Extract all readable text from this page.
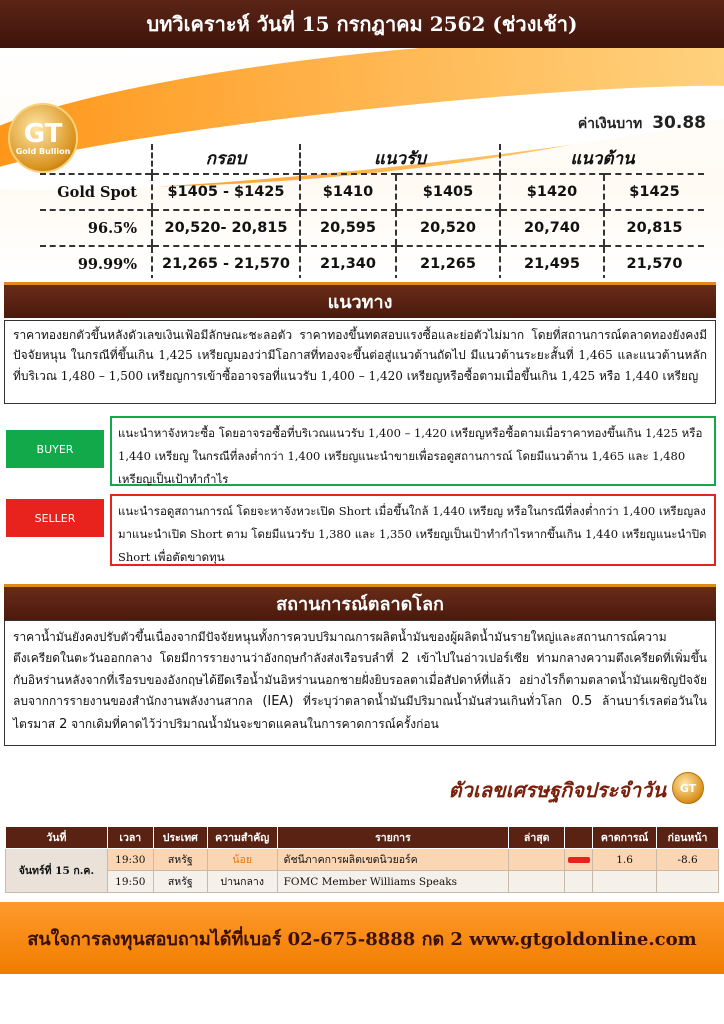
บทวิเคราะห์ วันที่ 15 กรกฎาคม 2562 (ช่วงเช้า)
GT
Gold Bullion
ค่าเงินบาท 30.88
	กรอบ	แนวรับ		แนวต้าน	
Gold Spot	$1405 - $1425	$1410	$1405	$1420	$1425
96.5%	20,520- 20,815	20,595	20,520	20,740	20,815
99.99%	21,265 - 21,570	21,340	21,265	21,495	21,570
แนวทาง
ราคาทองยกตัวขึ้นหลังดัวเลขเงินเฟ้อมีลักษณะชะลอตัว ราคาทองขึ้นทดสอบแรงซื้อและย่อตัวไม่มาก โดยที่สถานการณ์ตลาดทองยังคงมีปัจจัยหนุน ในกรณีที่ขึ้นเกิน 1,425 เหรียญมองว่ามีโอกาสที่ทองจะขึ้นต่อสู่แนวต้านถัดไป มีแนวต้านระยะสั้นที่ 1,465 และแนวต้านหลักที่บริเวณ 1,480 – 1,500 เหรียญการเข้าซื้ออาจรอที่แนวรับ 1,400 – 1,420 เหรียญหรือซื้อตามเมื่อขึ้นเกิน 1,425 หรือ 1,440 เหรียญ
BUYER
แนะนำหาจังหวะซื้อ โดยอาจรอซื้อที่บริเวณแนวรับ 1,400 – 1,420 เหรียญหรือซื้อตามเมื่อราคาทองขึ้นเกิน 1,425 หรือ 1,440 เหรียญ ในกรณีที่ลงต่ำกว่า 1,400 เหรียญแนะนำขายเพื่อรอดูสถานการณ์ โดยมีแนวต้าน 1,465 และ 1,480 เหรียญเป็นเป้าทำกำไร
SELLER	แนะนำรอดูสถานการณ์ โดยจะหาจังหวะเปิด Short เมื่อขึ้นใกล้ 1,440 เหรียญ หรือในกรณีที่ลงต่ำกว่า 1,400 เหรียญลงมาแนะนำเปิด Short ตาม โดยมีแนวรับ 1,380 และ 1,350 เหรียญเป็นเป้าทำกำไรหากขึ้นเกิน 1,440 เหรียญแนะนำปิด Short เพื่อตัดขาดทุน
สถานการณ์ตลาดโลก
ราคาน้ำมันยังคงปรับตัวขึ้นเนื่องจากมีปัจจัยหนุนทั้งการควบปริมาณการผลิตน้ำมันของผู้ผลิตน้ำมันรายใหญ่และสถานการณ์ความตึงเครียดในตะวันออกกลาง โดยมีการรายงานว่าอังกฤษกำลังส่งเรือรบลำที่ 2 เข้าไปในอ่าวเปอร์เซีย ท่ามกลางความตึงเครียดที่เพิ่มขึ้นกับอิหร่านหลังจากที่เรือรบของอังกฤษได้ยึดเรือน้ำมันอิหร่านนอกชายฝั่งยิบรอลตาเมื่อสัปดาห์ที่แล้ว อย่างไรก็ตามตลาดน้ำมันเผชิญปัจจัยลบจากการรายงานของสำนักงานพลังงานสากล (IEA) ที่ระบุว่าตลาดน้ำมันมีปริมาณน้ำมันส่วนเกินทั่วโลก 0.5 ล้านบาร์เรลต่อวันในไตรมาส 2 จากเดิมที่คาดไว้ว่าปริมาณน้ำมันจะขาดแคลนในการคาดการณ์ครั้งก่อน
ตัวเลขเศรษฐกิจประจำวัน	GT
วันที่	เวลา	ประเทศ	ความสำคัญ	รายการ	ล่าสุด		คาดการณ์	ก่อนหน้า
จันทร์ที่ 15 ก.ค.	19:30	สหรัฐ	น้อย	ดัชนีภาคการผลิตเขตนิวยอร์ค			1.6	-8.6
	19:50	สหรัฐ	ปานกลาง	FOMC Member Williams Speaks				
สนใจการลงทุนสอบถามได้ที่เบอร์ 02-675-8888 กด 2 www.gtgoldonline.com
